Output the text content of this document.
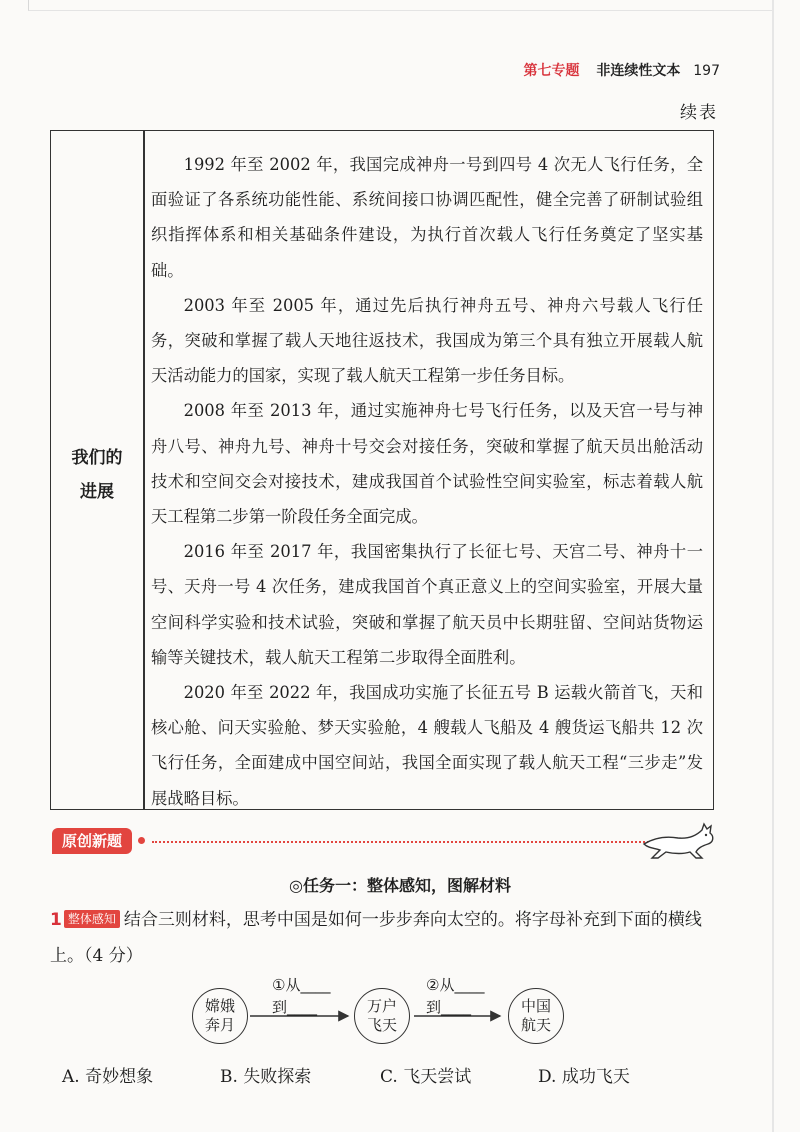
第七专题 非连续性文本 197
续表
我们的
进展

1992 年至 2002 年，我国完成神舟一号到四号 4 次无人飞行任务，全面验证了各系统功能性能、系统间接口协调匹配性，健全完善了研制试验组织指挥体系和相关基础条件建设，为执行首次载人飞行任务奠定了坚实基础。

2003 年至 2005 年，通过先后执行神舟五号、神舟六号载人飞行任务，突破和掌握了载人天地往返技术，我国成为第三个具有独立开展载人航天活动能力的国家，实现了载人航天工程第一步任务目标。

2008 年至 2013 年，通过实施神舟七号飞行任务，以及天宫一号与神舟八号、神舟九号、神舟十号交会对接任务，突破和掌握了航天员出舱活动技术和空间交会对接技术，建成我国首个试验性空间实验室，标志着载人航天工程第二步第一阶段任务全面完成。

2016 年至 2017 年，我国密集执行了长征七号、天宫二号、神舟十一号、天舟一号 4 次任务，建成我国首个真正意义上的空间实验室，开展大量空间科学实验和技术试验，突破和掌握了航天员中长期驻留、空间站货物运输等关键技术，载人航天工程第二步取得全面胜利。

2020 年至 2022 年，我国成功实施了长征五号 B 运载火箭首飞，天和核心舱、问天实验舱、梦天实验舱，4 艘载人飞船及 4 艘货运飞船共 12 次飞行任务，全面建成中国空间站，我国全面实现了载人航天工程“三步走”发展战略目标。

原创新题
◎任务一：整体感知，图解材料
1 整体感知 结合三则材料，思考中国是如何一步步奔向太空的。将字母补充到下面的横线上。（4 分）
嫦娥
奔月
万户
飞天
中国
航天
①从____
到____
②从____
到____
A. 奇妙想象	B. 失败探索	C. 飞天尝试	D. 成功飞天
